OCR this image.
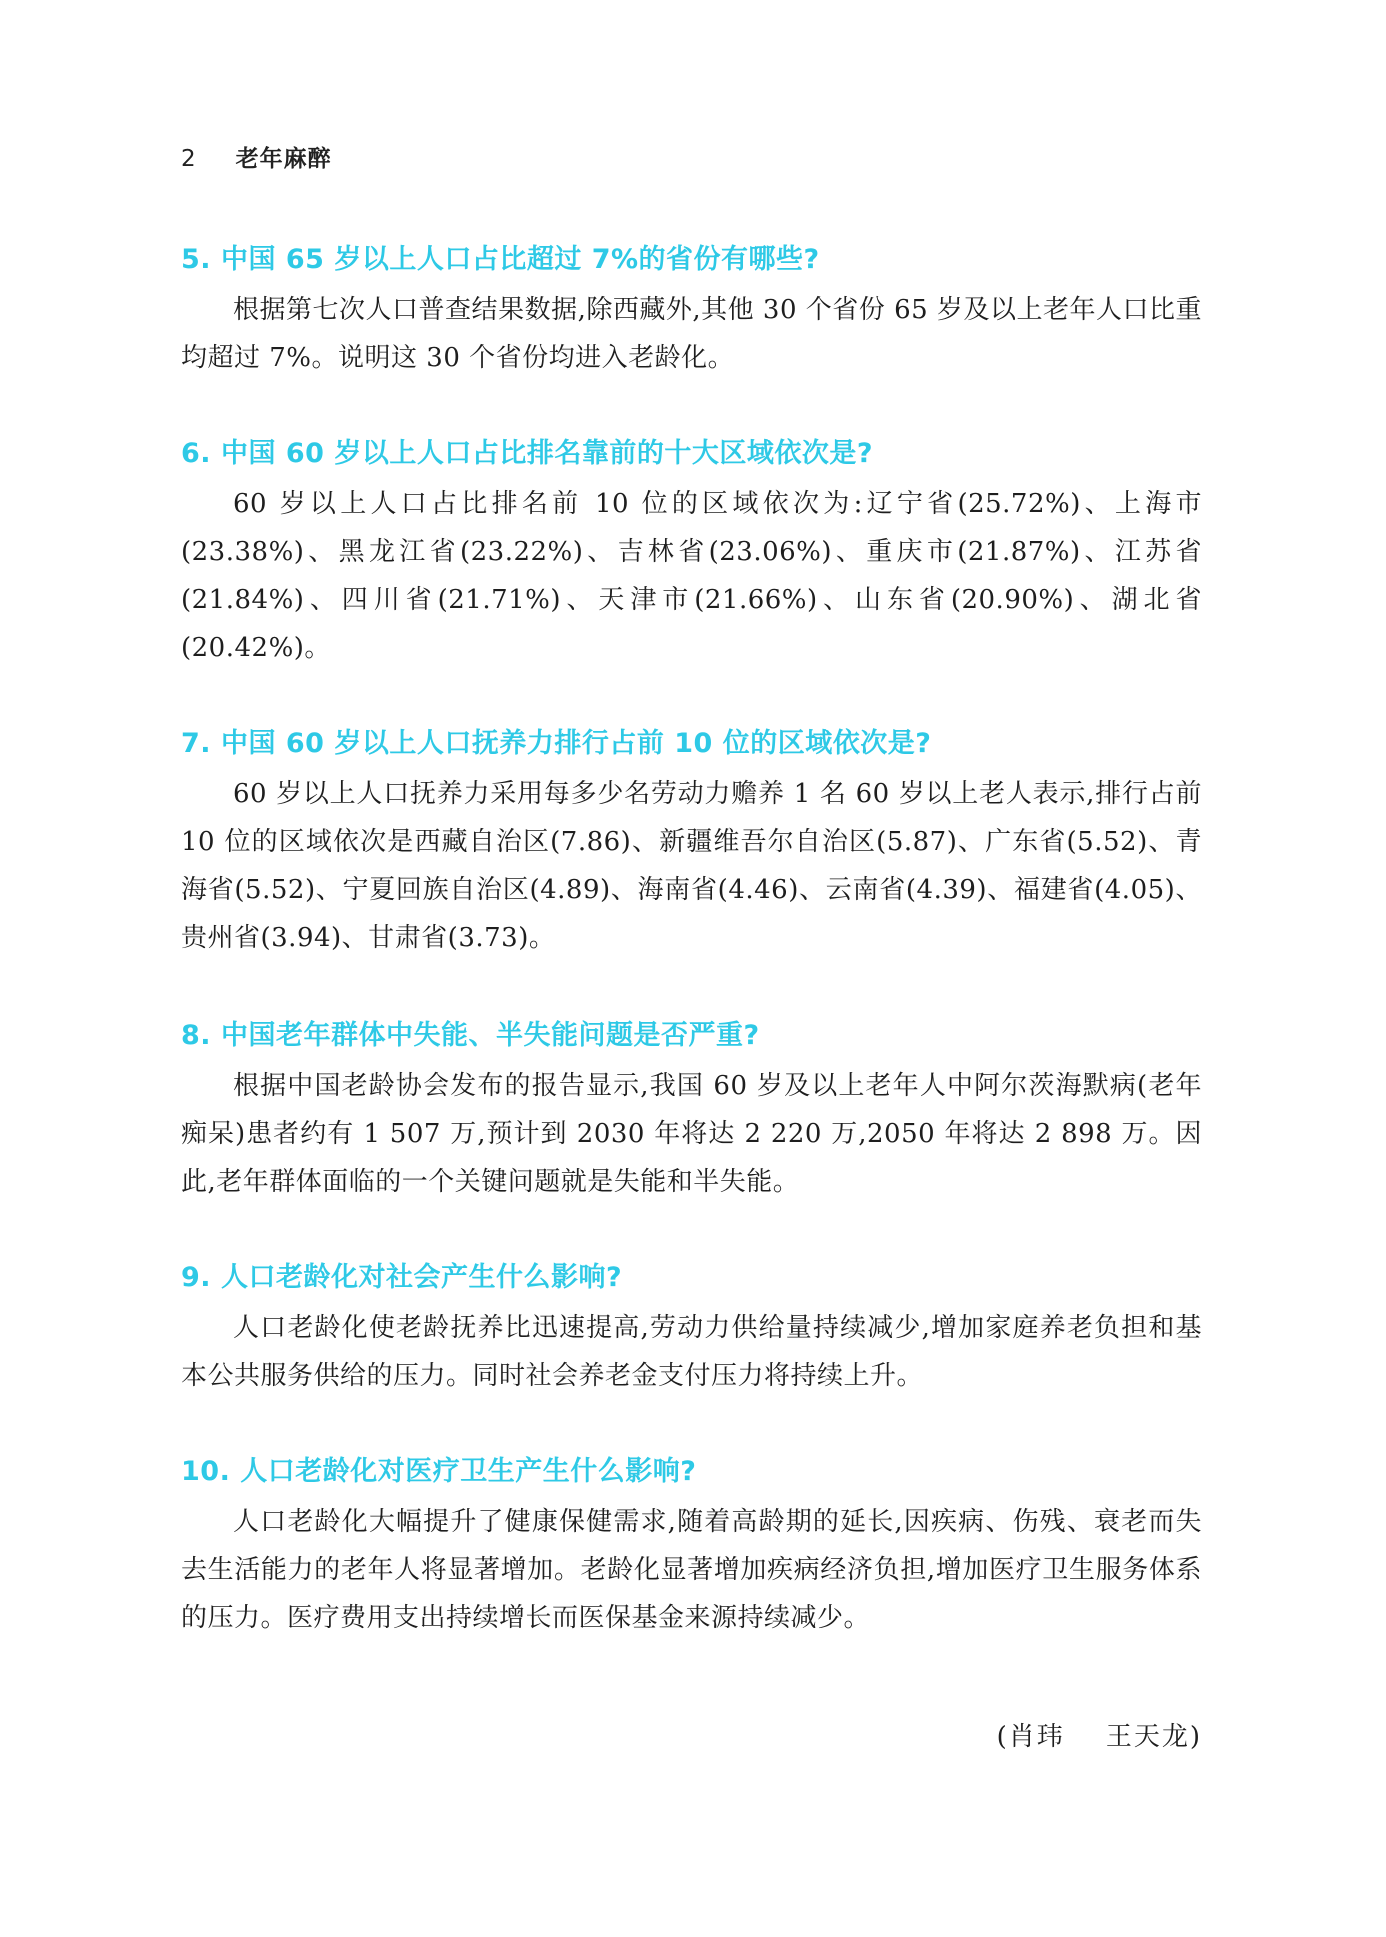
2 老年麻醉

5. 中国 65 岁以上人口占比超过 7%的省份有哪些?

根据第七次人口普查结果数据,除西藏外,其他 30 个省份 65 岁及以上老年人口比重均超过 7%。说明这 30 个省份均进入老龄化。

6. 中国 60 岁以上人口占比排名靠前的十大区域依次是?

60 岁以上人口占比排名前 10 位的区域依次为:辽宁省(25.72%)、上海市(23.38%)、黑龙江省(23.22%)、吉林省(23.06%)、重庆市(21.87%)、江苏省(21.84%)、四川省(21.71%)、天津市(21.66%)、山东省(20.90%)、湖北省(20.42%)。

7. 中国 60 岁以上人口抚养力排行占前 10 位的区域依次是?

60 岁以上人口抚养力采用每多少名劳动力赡养 1 名 60 岁以上老人表示,排行占前 10 位的区域依次是西藏自治区(7.86)、新疆维吾尔自治区(5.87)、广东省(5.52)、青海省(5.52)、宁夏回族自治区(4.89)、海南省(4.46)、云南省(4.39)、福建省(4.05)、贵州省(3.94)、甘肃省(3.73)。

8. 中国老年群体中失能、半失能问题是否严重?

根据中国老龄协会发布的报告显示,我国 60 岁及以上老年人中阿尔茨海默病(老年痴呆)患者约有 1 507 万,预计到 2030 年将达 2 220 万,2050 年将达 2 898 万。因此,老年群体面临的一个关键问题就是失能和半失能。

9. 人口老龄化对社会产生什么影响?

人口老龄化使老龄抚养比迅速提高,劳动力供给量持续减少,增加家庭养老负担和基本公共服务供给的压力。同时社会养老金支付压力将持续上升。

10. 人口老龄化对医疗卫生产生什么影响?

人口老龄化大幅提升了健康保健需求,随着高龄期的延长,因疾病、伤残、衰老而失去生活能力的老年人将显著增加。老龄化显著增加疾病经济负担,增加医疗卫生服务体系的压力。医疗费用支出持续增长而医保基金来源持续减少。

(肖玮    王天龙)
